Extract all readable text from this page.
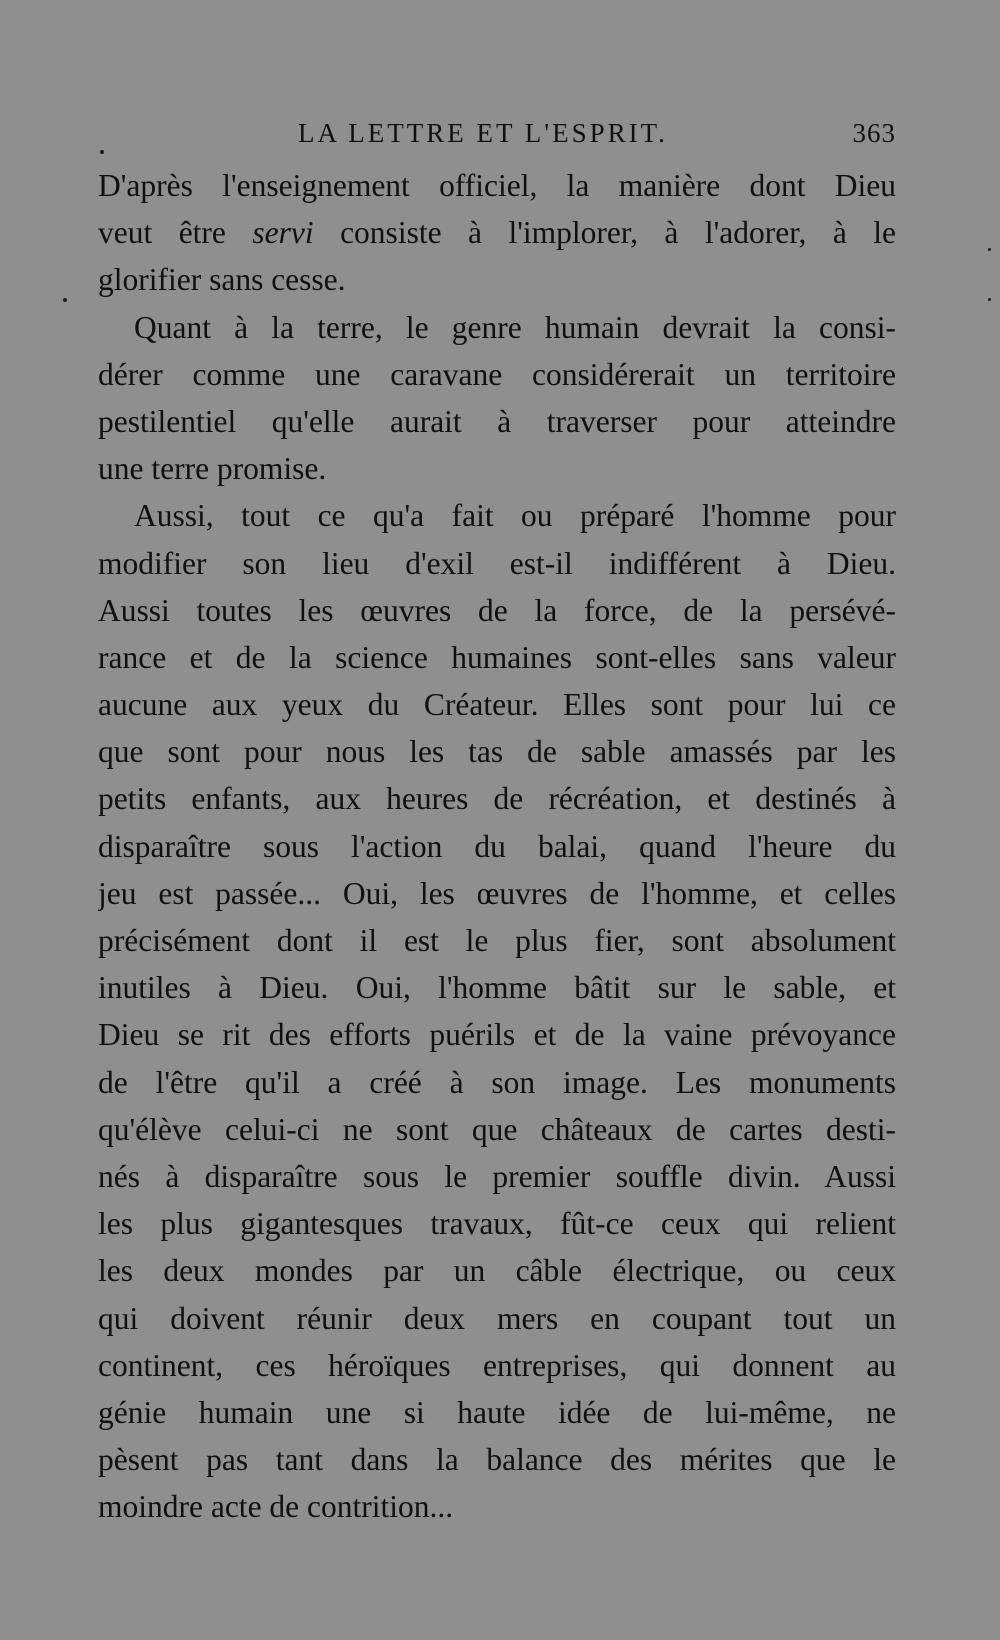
LA LETTRE ET L'ESPRIT.	363
D'après l'enseignement officiel, la manière dont Dieu
veut être servi consiste à l'implorer, à l'adorer, à le
glorifier sans cesse.
Quant à la terre, le genre humain devrait la consi-
dérer comme une caravane considérerait un territoire
pestilentiel qu'elle aurait à traverser pour atteindre
une terre promise.
Aussi, tout ce qu'a fait ou préparé l'homme pour
modifier son lieu d'exil est-il indifférent à Dieu.
Aussi toutes les œuvres de la force, de la persévé-
rance et de la science humaines sont-elles sans valeur
aucune aux yeux du Créateur. Elles sont pour lui ce
que sont pour nous les tas de sable amassés par les
petits enfants, aux heures de récréation, et destinés à
disparaître sous l'action du balai, quand l'heure du
jeu est passée... Oui, les œuvres de l'homme, et celles
précisément dont il est le plus fier, sont absolument
inutiles à Dieu. Oui, l'homme bâtit sur le sable, et
Dieu se rit des efforts puérils et de la vaine prévoyance
de l'être qu'il a créé à son image. Les monuments
qu'élève celui-ci ne sont que châteaux de cartes desti-
nés à disparaître sous le premier souffle divin. Aussi
les plus gigantesques travaux, fût-ce ceux qui relient
les deux mondes par un câble électrique, ou ceux
qui doivent réunir deux mers en coupant tout un
continent, ces héroïques entreprises, qui donnent au
génie humain une si haute idée de lui-même, ne
pèsent pas tant dans la balance des mérites que le
moindre acte de contrition...
